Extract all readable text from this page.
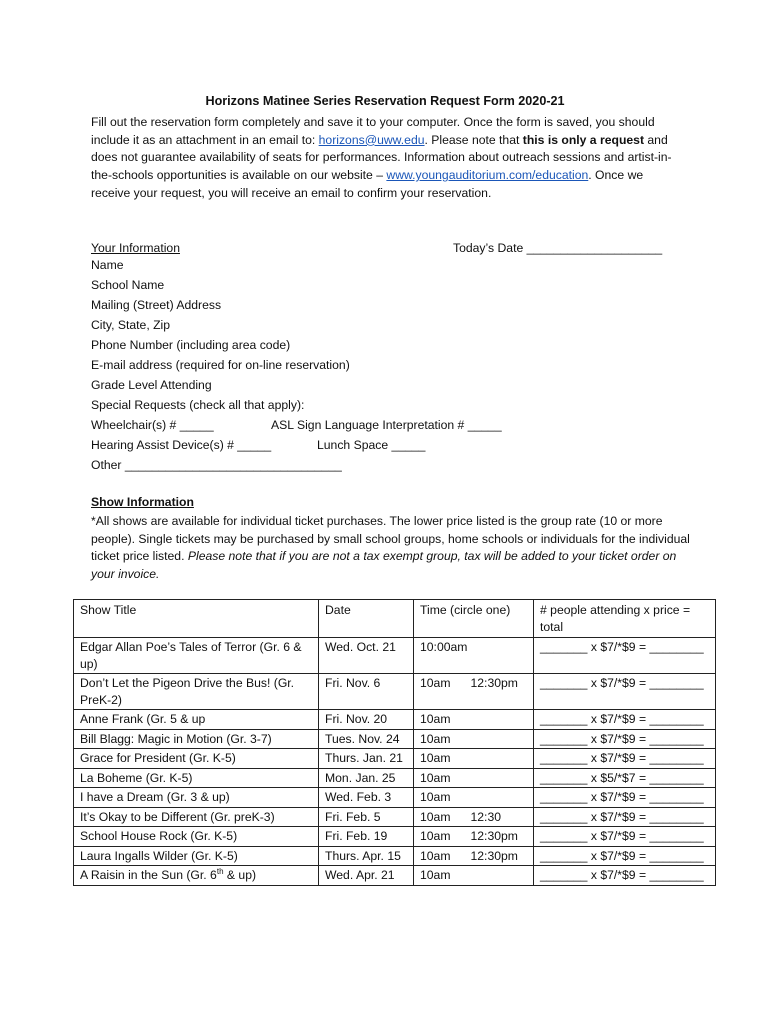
Horizons Matinee Series Reservation Request Form 2020-21
Fill out the reservation form completely and save it to your computer. Once the form is saved, you should include it as an attachment in an email to: horizons@uww.edu. Please note that this is only a request and does not guarantee availability of seats for performances. Information about outreach sessions and artist-in-the-schools opportunities is available on our website – www.youngauditorium.com/education. Once we receive your request, you will receive an email to confirm your reservation.
Your Information	Today’s Date ____________________
Name
School Name
Mailing (Street) Address
City, State, Zip
Phone Number (including area code)
E-mail address (required for on-line reservation)
Grade Level Attending
Special Requests (check all that apply):
Wheelchair(s) # _____	ASL Sign Language Interpretation # _____
Hearing Assist Device(s) # _____	Lunch Space _____
Other ________________________________
Show Information
*All shows are available for individual ticket purchases. The lower price listed is the group rate (10 or more people). Single tickets may be purchased by small school groups, home schools or individuals for the individual ticket price listed. Please note that if you are not a tax exempt group, tax will be added to your ticket order on your invoice.
Show Title	Date	Time (circle one)	# people attending x price = total
Edgar Allan Poe’s Tales of Terror (Gr. 6 & up)	Wed. Oct. 21	10:00am	_______ x $7/*$9 = ________
Don’t Let the Pigeon Drive the Bus! (Gr. PreK-2)	Fri. Nov. 6	10am 12:30pm	_______ x $7/*$9 = ________
Anne Frank (Gr. 5 & up	Fri. Nov. 20	10am	_______ x $7/*$9 = ________
Bill Blagg: Magic in Motion (Gr. 3-7)	Tues. Nov. 24	10am	_______ x $7/*$9 = ________
Grace for President (Gr. K-5)	Thurs. Jan. 21	10am	_______ x $7/*$9 = ________
La Boheme (Gr. K-5)	Mon. Jan. 25	10am	_______ x $5/*$7 = ________
I have a Dream (Gr. 3 & up)	Wed. Feb. 3	10am	_______ x $7/*$9 = ________
It’s Okay to be Different (Gr. preK-3)	Fri. Feb. 5	10am 12:30	_______ x $7/*$9 = ________
School House Rock (Gr. K-5)	Fri. Feb. 19	10am 12:30pm	_______ x $7/*$9 = ________
Laura Ingalls Wilder (Gr. K-5)	Thurs. Apr. 15	10am 12:30pm	_______ x $7/*$9 = ________
A Raisin in the Sun (Gr. 6th & up)	Wed. Apr. 21	10am	_______ x $7/*$9 = ________
